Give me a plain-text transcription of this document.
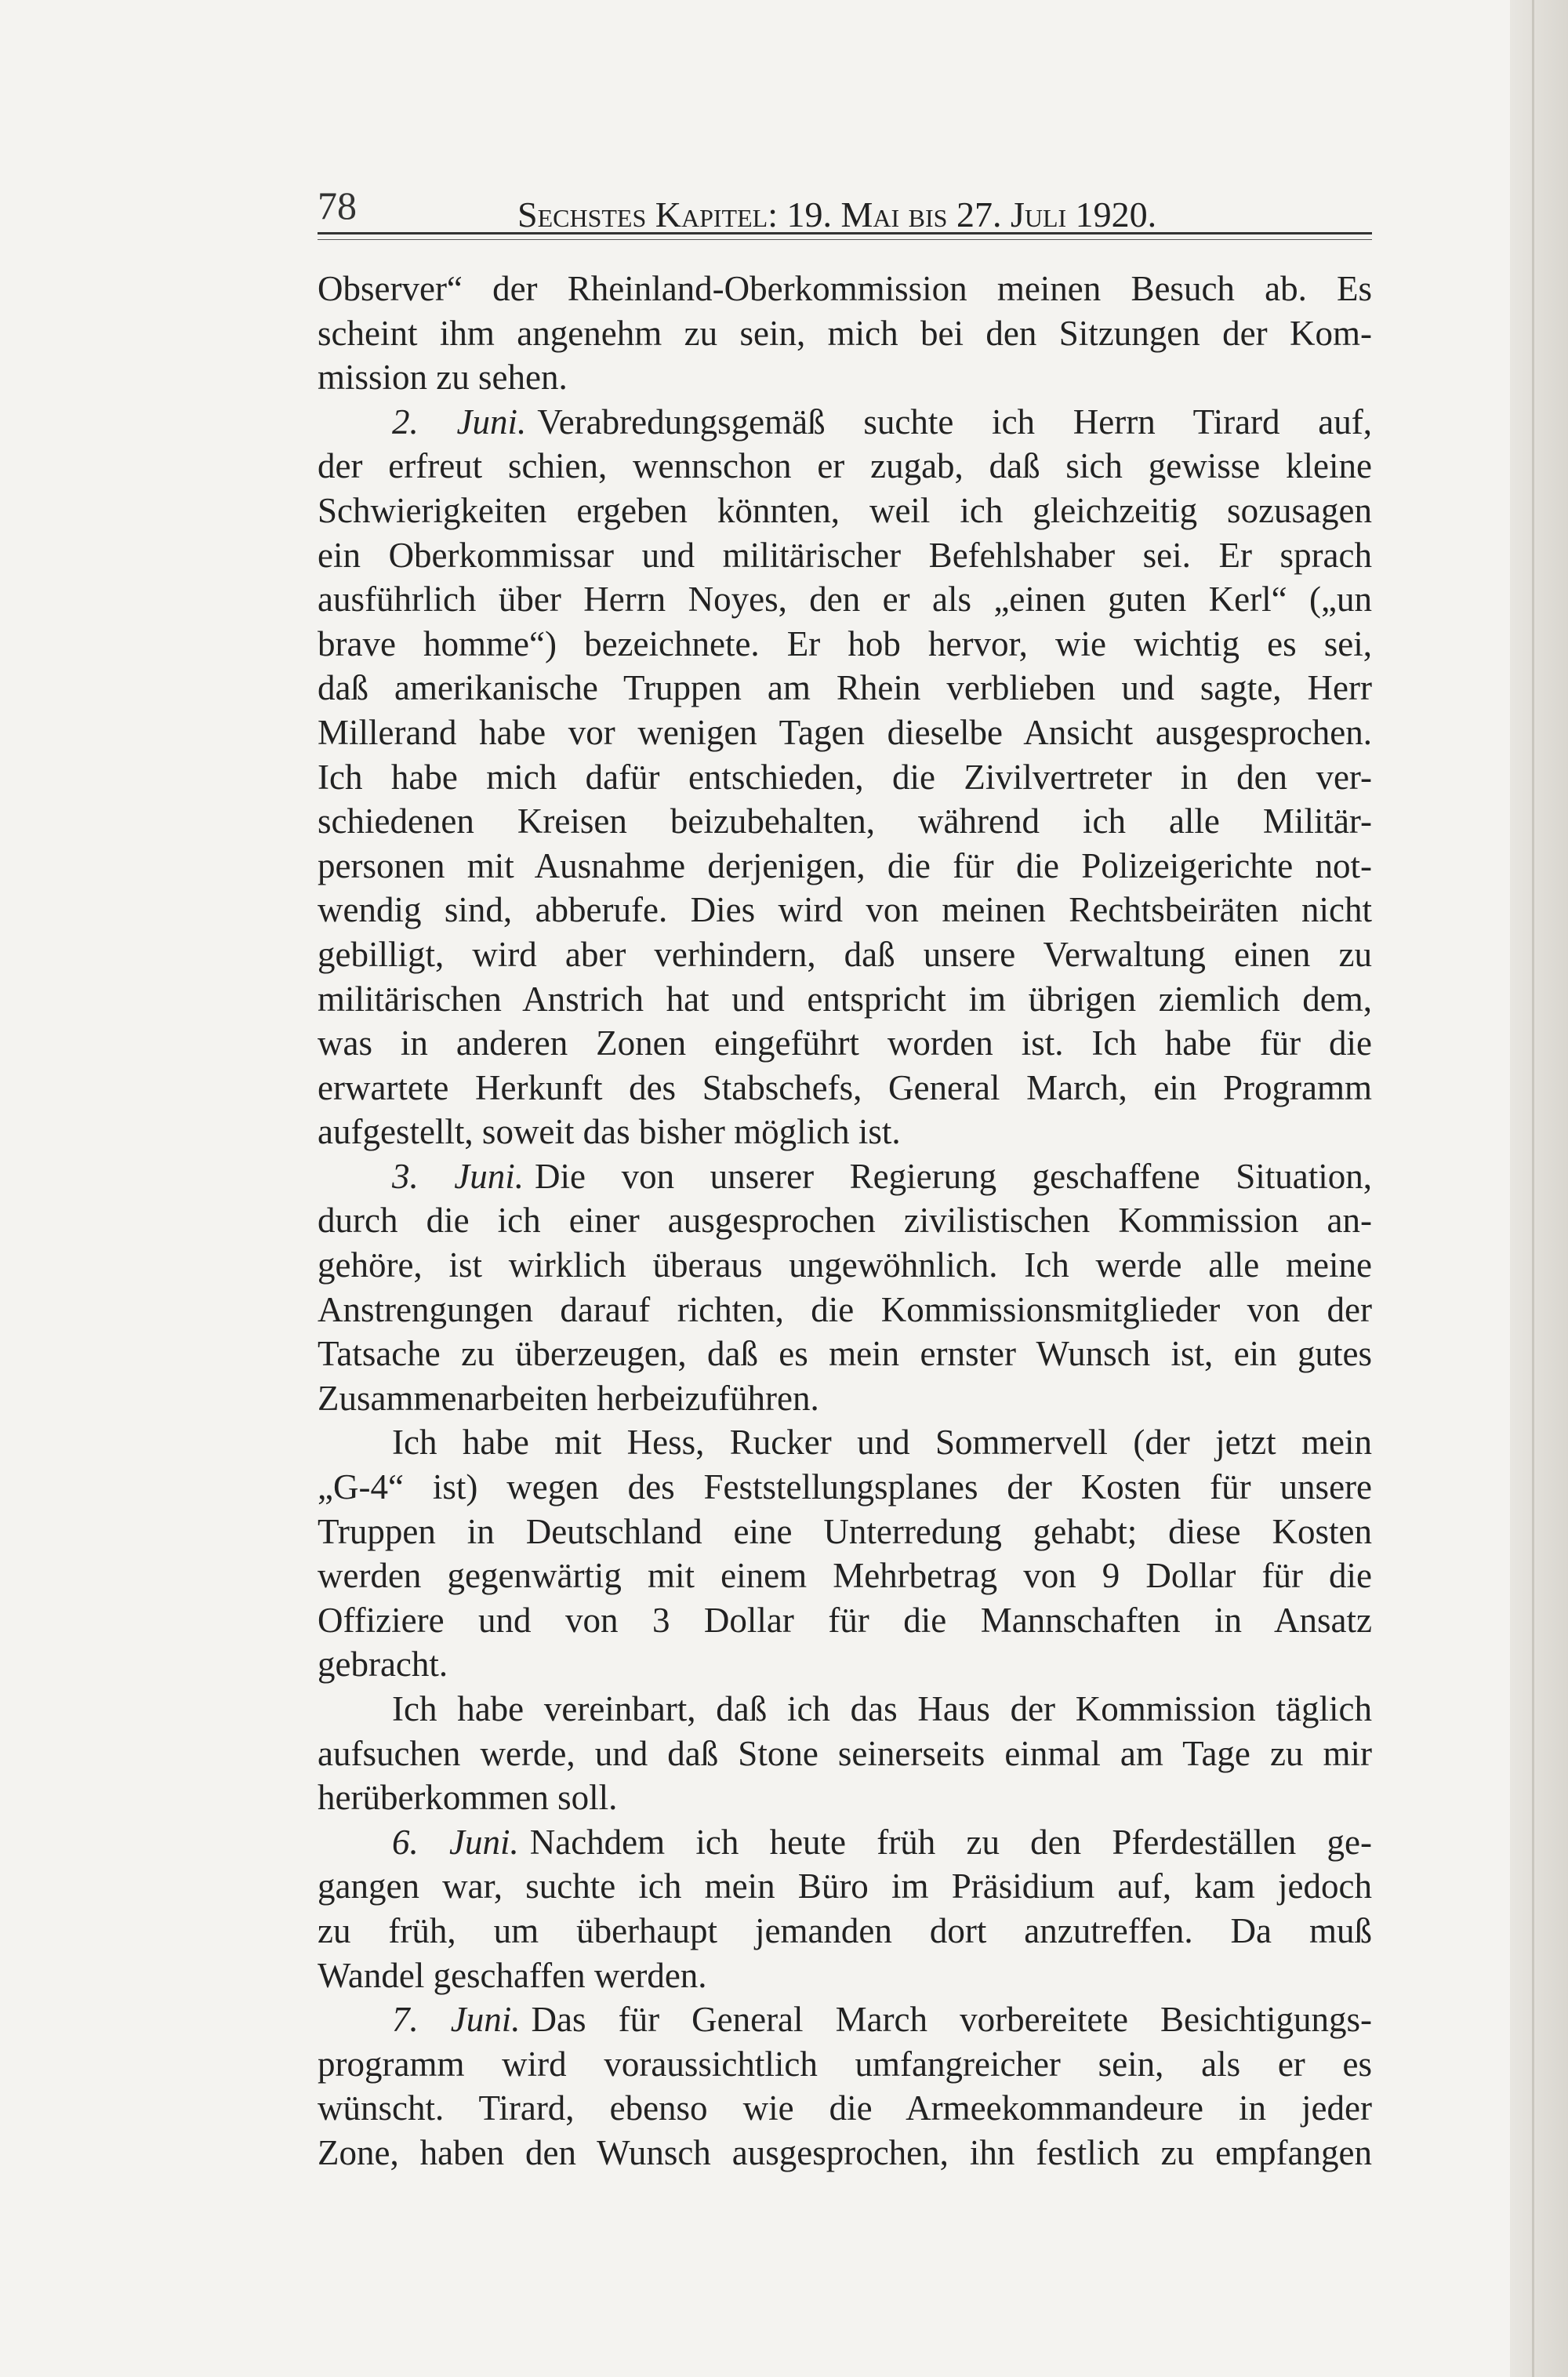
78	Sechstes Kapitel: 19. Mai bis 27. Juli 1920.
Observer“ der Rheinland-Oberkommission meinen Besuch ab. Es
scheint ihm angenehm zu sein, mich bei den Sitzungen der Kom-
mission zu sehen.
2. Juni. Verabredungsgemäß suchte ich Herrn Tirard auf,
der erfreut schien, wennschon er zugab, daß sich gewisse kleine
Schwierigkeiten ergeben könnten, weil ich gleichzeitig sozusagen
ein Oberkommissar und militärischer Befehlshaber sei. Er sprach
ausführlich über Herrn Noyes, den er als „einen guten Kerl“ („un
brave homme“) bezeichnete. Er hob hervor, wie wichtig es sei,
daß amerikanische Truppen am Rhein verblieben und sagte, Herr
Millerand habe vor wenigen Tagen dieselbe Ansicht ausgesprochen.
Ich habe mich dafür entschieden, die Zivilvertreter in den ver-
schiedenen Kreisen beizubehalten, während ich alle Militär-
personen mit Ausnahme derjenigen, die für die Polizeigerichte not-
wendig sind, abberufe. Dies wird von meinen Rechtsbeiräten nicht
gebilligt, wird aber verhindern, daß unsere Verwaltung einen zu
militärischen Anstrich hat und entspricht im übrigen ziemlich dem,
was in anderen Zonen eingeführt worden ist. Ich habe für die
erwartete Herkunft des Stabschefs, General March, ein Programm
aufgestellt, soweit das bisher möglich ist.
3. Juni. Die von unserer Regierung geschaffene Situation,
durch die ich einer ausgesprochen zivilistischen Kommission an-
gehöre, ist wirklich überaus ungewöhnlich. Ich werde alle meine
Anstrengungen darauf richten, die Kommissionsmitglieder von der
Tatsache zu überzeugen, daß es mein ernster Wunsch ist, ein gutes
Zusammenarbeiten herbeizuführen.
Ich habe mit Hess, Rucker und Sommervell (der jetzt mein
„G-4“ ist) wegen des Feststellungsplanes der Kosten für unsere
Truppen in Deutschland eine Unterredung gehabt; diese Kosten
werden gegenwärtig mit einem Mehrbetrag von 9 Dollar für die
Offiziere und von 3 Dollar für die Mannschaften in Ansatz
gebracht.
Ich habe vereinbart, daß ich das Haus der Kommission täglich
aufsuchen werde, und daß Stone seinerseits einmal am Tage zu mir
herüberkommen soll.
6. Juni. Nachdem ich heute früh zu den Pferdeställen ge-
gangen war, suchte ich mein Büro im Präsidium auf, kam jedoch
zu früh, um überhaupt jemanden dort anzutreffen. Da muß
Wandel geschaffen werden.
7. Juni. Das für General March vorbereitete Besichtigungs-
programm wird voraussichtlich umfangreicher sein, als er es
wünscht. Tirard, ebenso wie die Armeekommandeure in jeder
Zone, haben den Wunsch ausgesprochen, ihn festlich zu empfangen
